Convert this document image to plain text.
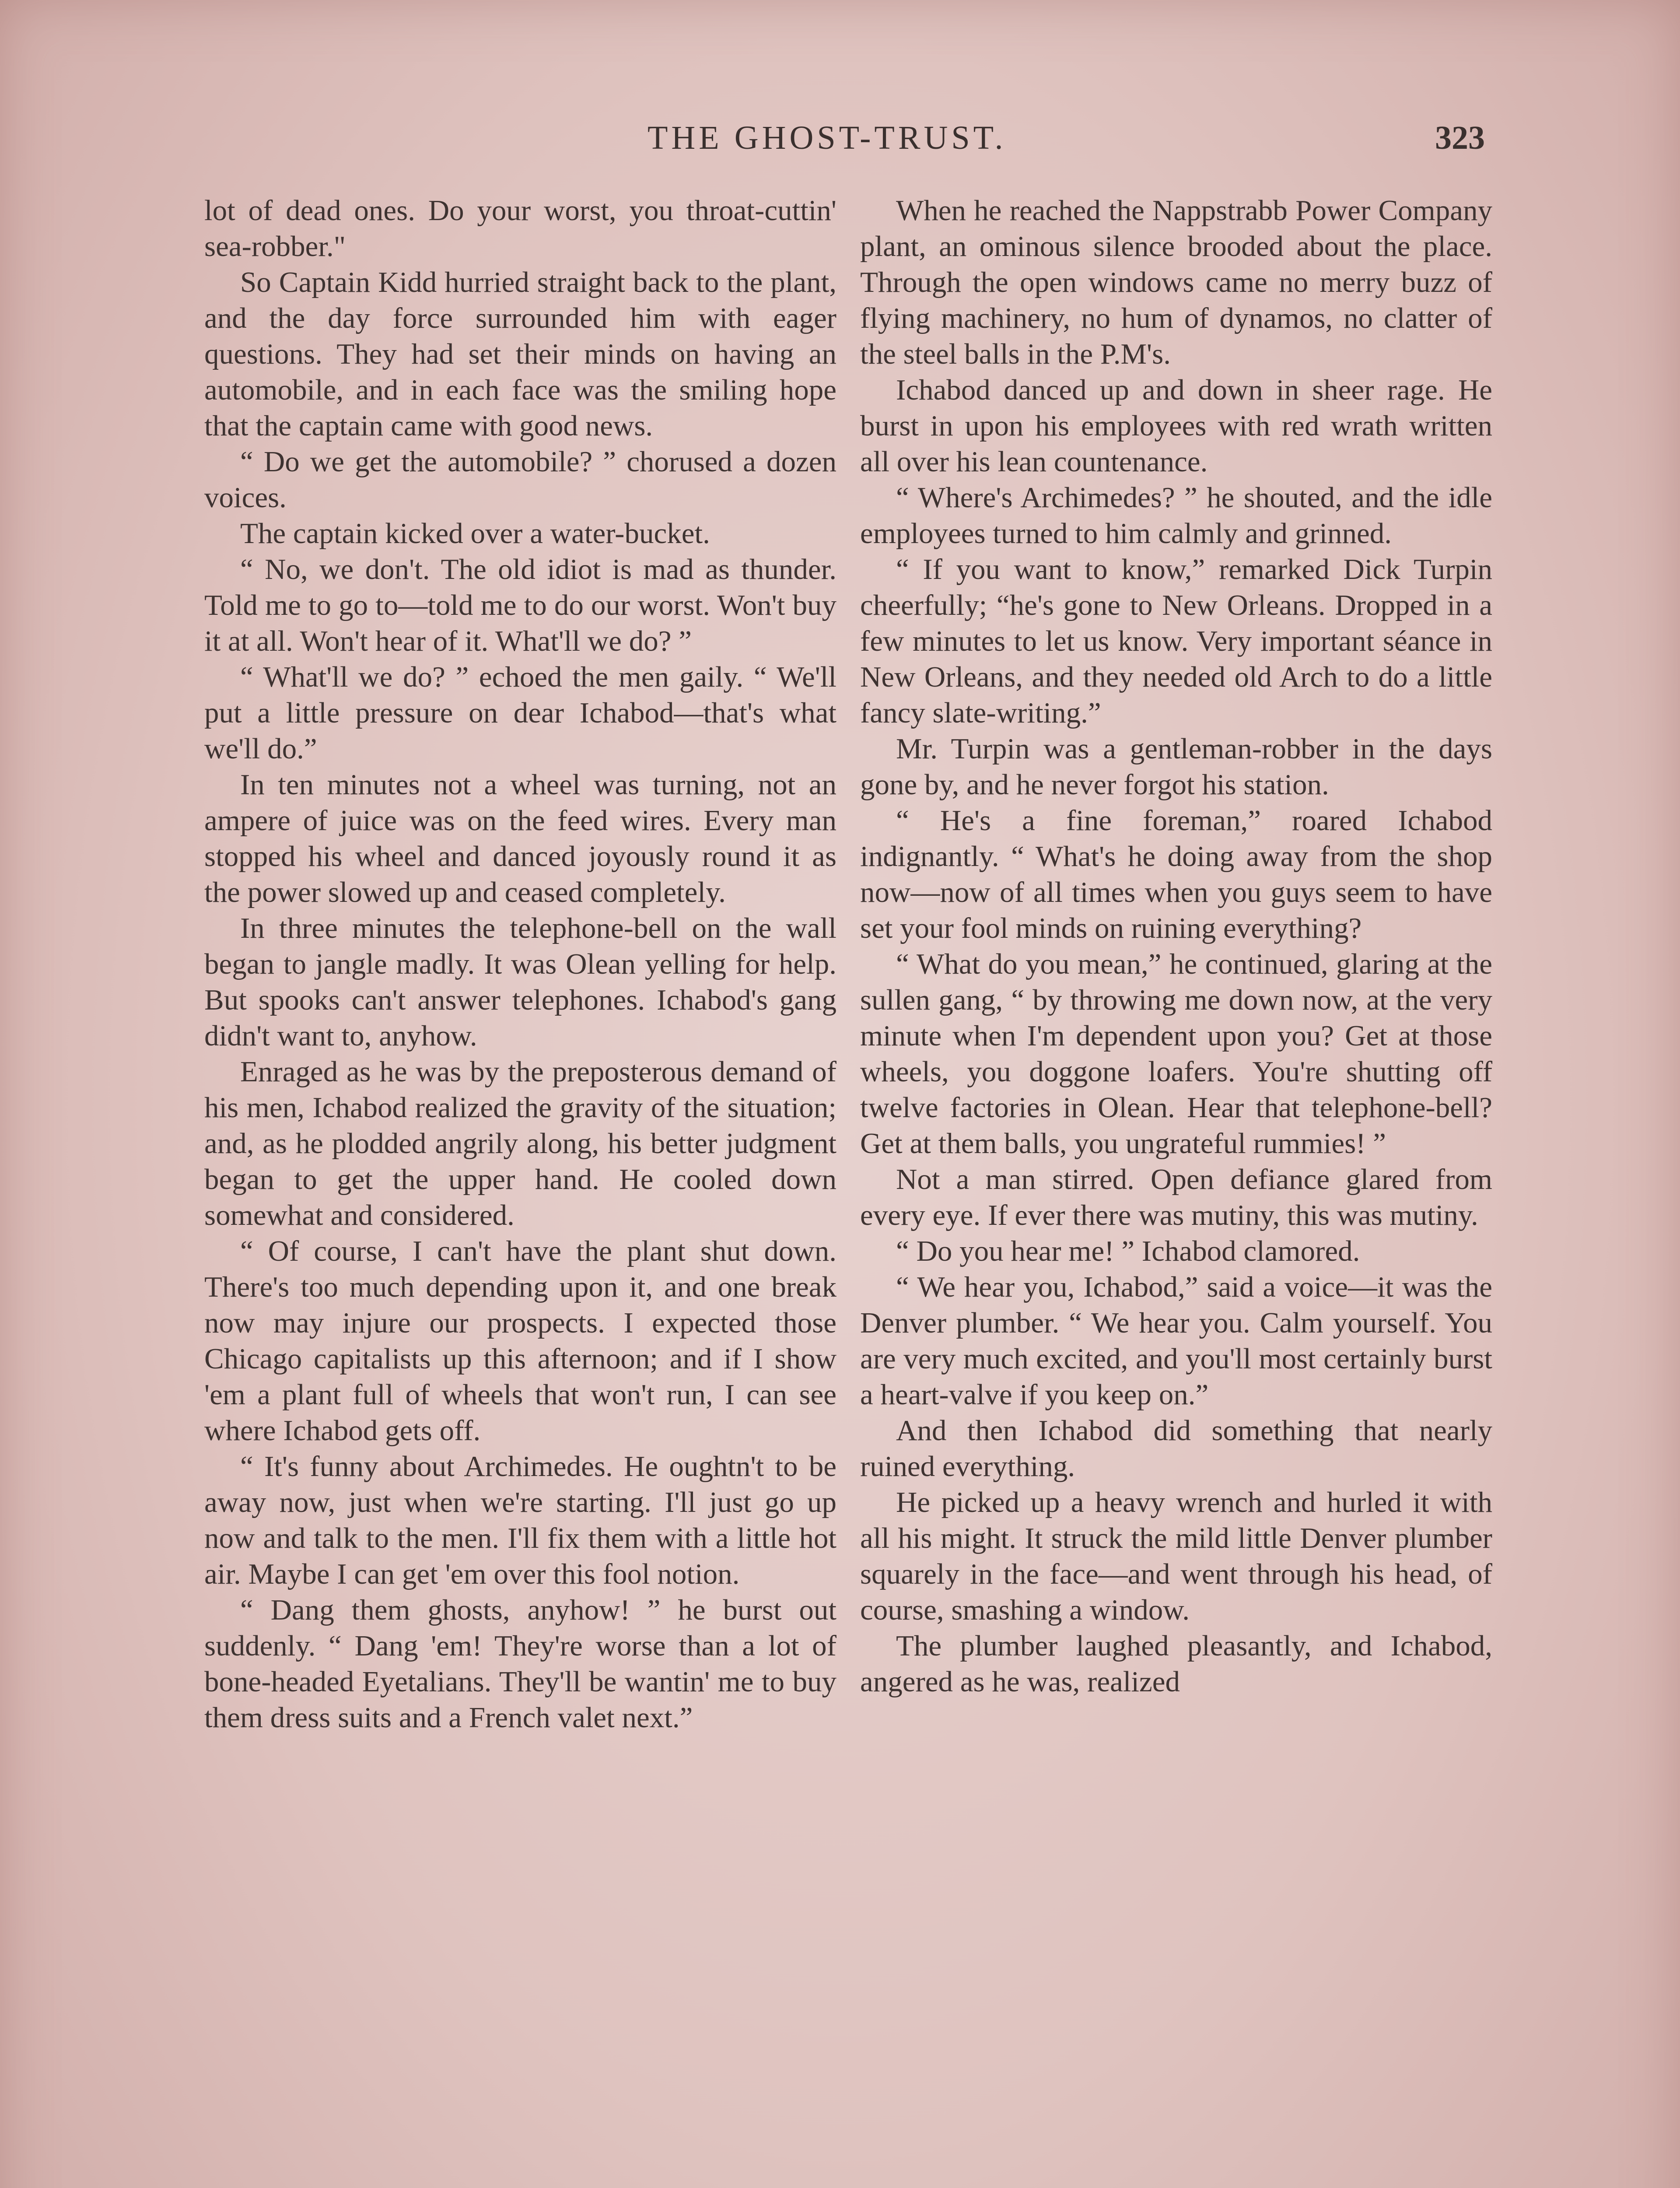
THE GHOST-TRUST.	323

lot of dead ones. Do your worst, you throat-cuttin' sea-robber."

So Captain Kidd hurried straight back to the plant, and the day force surrounded him with eager questions. They had set their minds on having an automobile, and in each face was the smiling hope that the captain came with good news.

“ Do we get the automobile? ” chorused a dozen voices.

The captain kicked over a water-bucket.

“ No, we don't. The old idiot is mad as thunder. Told me to go to—told me to do our worst. Won't buy it at all. Won't hear of it. What'll we do? ”

“ What'll we do? ” echoed the men gaily. “ We'll put a little pressure on dear Ichabod—that's what we'll do.”

In ten minutes not a wheel was turning, not an ampere of juice was on the feed wires. Every man stopped his wheel and danced joyously round it as the power slowed up and ceased completely.

In three minutes the telephone-bell on the wall began to jangle madly. It was Olean yelling for help. But spooks can't answer telephones. Ichabod's gang didn't want to, anyhow.

Enraged as he was by the preposterous demand of his men, Ichabod realized the gravity of the situation; and, as he plodded angrily along, his better judgment began to get the upper hand. He cooled down somewhat and considered.

“ Of course, I can't have the plant shut down. There's too much depending upon it, and one break now may injure our prospects. I expected those Chicago capitalists up this afternoon; and if I show 'em a plant full of wheels that won't run, I can see where Ichabod gets off.

“ It's funny about Archimedes. He oughtn't to be away now, just when we're starting. I'll just go up now and talk to the men. I'll fix them with a little hot air. Maybe I can get 'em over this fool notion.

“ Dang them ghosts, anyhow! ” he burst out suddenly. “ Dang 'em! They're worse than a lot of bone-headed Eyetalians. They'll be wantin' me to buy them dress suits and a French valet next.”

When he reached the Nappstrabb Power Company plant, an ominous silence brooded about the place. Through the open windows came no merry buzz of flying machinery, no hum of dynamos, no clatter of the steel balls in the P.M's.

Ichabod danced up and down in sheer rage. He burst in upon his employees with red wrath written all over his lean countenance.

“ Where's Archimedes? ” he shouted, and the idle employees turned to him calmly and grinned.

“ If you want to know,” remarked Dick Turpin cheerfully; “he's gone to New Orleans. Dropped in a few minutes to let us know. Very important séance in New Orleans, and they needed old Arch to do a little fancy slate-writing.”

Mr. Turpin was a gentleman-robber in the days gone by, and he never forgot his station.

“ He's a fine foreman,” roared Ichabod indignantly. “ What's he doing away from the shop now—now of all times when you guys seem to have set your fool minds on ruining everything?

“ What do you mean,” he continued, glaring at the sullen gang, “ by throwing me down now, at the very minute when I'm dependent upon you? Get at those wheels, you doggone loafers. You're shutting off twelve factories in Olean. Hear that telephone-bell? Get at them balls, you ungrateful rummies! ”

Not a man stirred. Open defiance glared from every eye. If ever there was mutiny, this was mutiny.

“ Do you hear me! ” Ichabod clamored.

“ We hear you, Ichabod,” said a voice—it was the Denver plumber. “ We hear you. Calm yourself. You are very much excited, and you'll most certainly burst a heart-valve if you keep on.”

And then Ichabod did something that nearly ruined everything.

He picked up a heavy wrench and hurled it with all his might. It struck the mild little Denver plumber squarely in the face—and went through his head, of course, smashing a window.

The plumber laughed pleasantly, and Ichabod, angered as he was, realized
